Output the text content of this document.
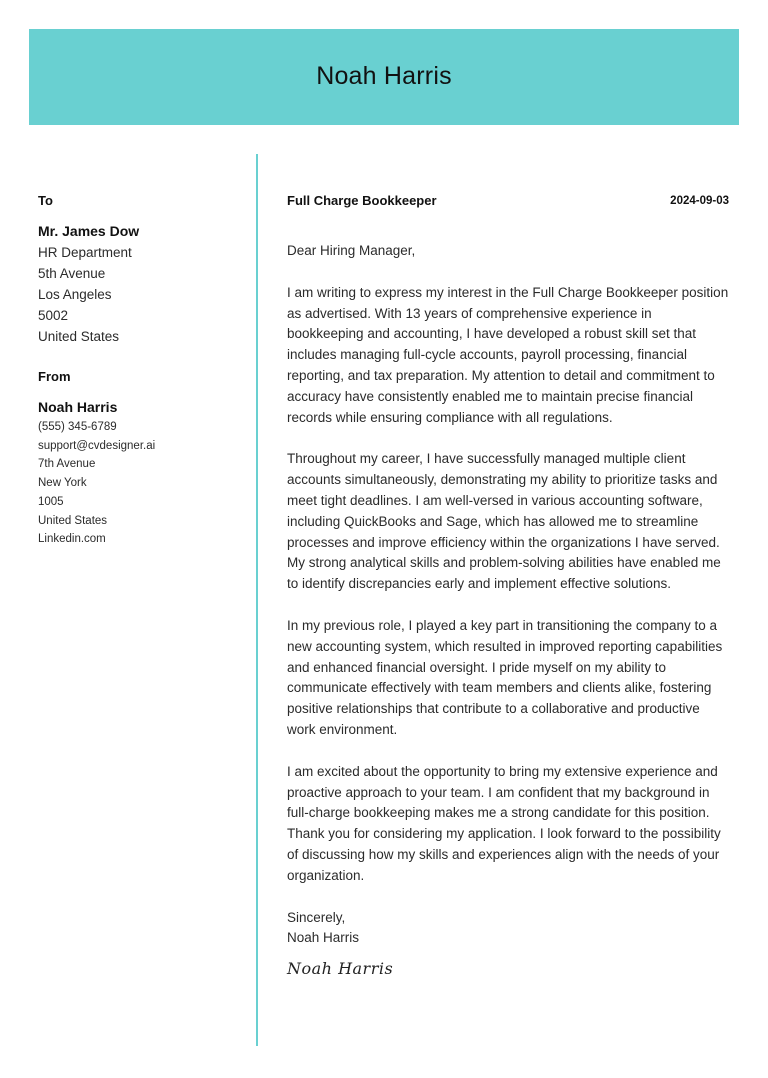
Noah Harris
To
Mr. James Dow
HR Department
5th Avenue
Los Angeles
5002
United States
From
Noah Harris
(555) 345-6789
support@cvdesigner.ai
7th Avenue
New York
1005
United States
Linkedin.com
Full Charge Bookkeeper	2024-09-03
Dear Hiring Manager,
I am writing to express my interest in the Full Charge Bookkeeper position as advertised. With 13 years of comprehensive experience in bookkeeping and accounting, I have developed a robust skill set that includes managing full-cycle accounts, payroll processing, financial reporting, and tax preparation. My attention to detail and commitment to accuracy have consistently enabled me to maintain precise financial records while ensuring compliance with all regulations.
Throughout my career, I have successfully managed multiple client accounts simultaneously, demonstrating my ability to prioritize tasks and meet tight deadlines. I am well-versed in various accounting software, including QuickBooks and Sage, which has allowed me to streamline processes and improve efficiency within the organizations I have served. My strong analytical skills and problem-solving abilities have enabled me to identify discrepancies early and implement effective solutions.
In my previous role, I played a key part in transitioning the company to a new accounting system, which resulted in improved reporting capabilities and enhanced financial oversight. I pride myself on my ability to communicate effectively with team members and clients alike, fostering positive relationships that contribute to a collaborative and productive work environment.
I am excited about the opportunity to bring my extensive experience and proactive approach to your team. I am confident that my background in full-charge bookkeeping makes me a strong candidate for this position. Thank you for considering my application. I look forward to the possibility of discussing how my skills and experiences align with the needs of your organization.
Sincerely,
Noah Harris
Noah Harris
